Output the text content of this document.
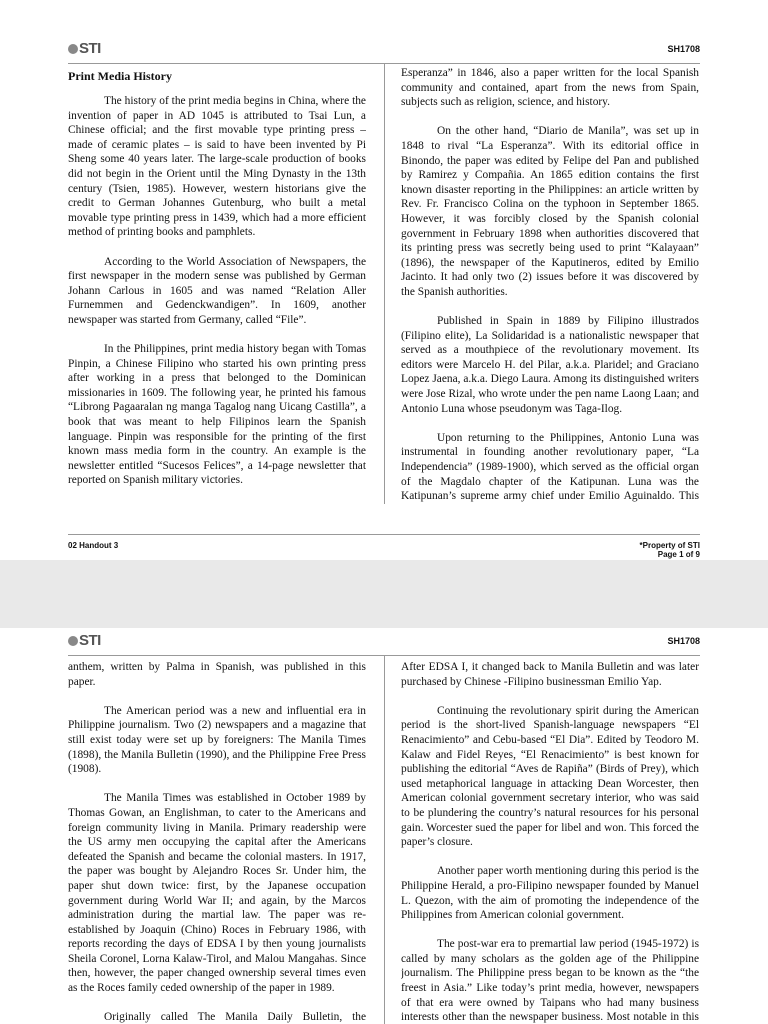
STI	SH1708
Print Media History

The history of the print media begins in China, where the invention of paper in AD 1045 is attributed to Tsai Lun, a Chinese official; and the first movable type printing press – made of ceramic plates – is said to have been invented by Pi Sheng some 40 years later. The large-scale production of books did not begin in the Orient until the Ming Dynasty in the 13th century (Tsien, 1985). However, western historians give the credit to German Johannes Gutenburg, who built a metal movable type printing press in 1439, which had a more efficient method of printing books and pamphlets.

According to the World Association of Newspapers, the first newspaper in the modern sense was published by German Johann Carlous in 1605 and was named “Relation Aller Furnemmen and Gedenckwandigen”. In 1609, another newspaper was started from Germany, called “File”.

In the Philippines, print media history began with Tomas Pinpin, a Chinese Filipino who started his own printing press after working in a press that belonged to the Dominican missionaries in 1609. The following year, he printed his famous “Librong Pagaaralan ng manga Tagalog nang Uicang Castilla”, a book that was meant to help Filipinos learn the Spanish language. Pinpin was responsible for the printing of the first known mass media form in the country. An example is the newsletter entitled “Sucesos Felices”, a 14-page newsletter that reported on Spanish military victories.

Esperanza” in 1846, also a paper written for the local Spanish community and contained, apart from the news from Spain, subjects such as religion, science, and history.

On the other hand, “Diario de Manila”, was set up in 1848 to rival “La Esperanza”. With its editorial office in Binondo, the paper was edited by Felipe del Pan and published by Ramirez y Compañia. An 1865 edition contains the first known disaster reporting in the Philippines: an article written by Rev. Fr. Francisco Colina on the typhoon in September 1865. However, it was forcibly closed by the Spanish colonial government in February 1898 when authorities discovered that its printing press was secretly being used to print “Kalayaan” (1896), the newspaper of the Kaputineros, edited by Emilio Jacinto. It had only two (2) issues before it was discovered by the Spanish authorities.

Published in Spain in 1889 by Filipino illustrados (Filipino elite), La Solidaridad is a nationalistic newspaper that served as a mouthpiece of the revolutionary movement. Its editors were Marcelo H. del Pilar, a.k.a. Plaridel; and Graciano Lopez Jaena, a.k.a. Diego Laura. Among its distinguished writers were Jose Rizal, who wrote under the pen name Laong Laan; and Antonio Luna whose pseudonym was Taga-Ilog.

Upon returning to the Philippines, Antonio Luna was instrumental in founding another revolutionary paper, “La Independencia” (1989-1900), which served as the official organ of the Magdalo chapter of the Katipunan. Luna was the Katipunan’s supreme army chief under Emilio Aguinaldo. This

02 Handout 3	*Property of STI
Page 1 of 9
STI	SH1708

anthem, written by Palma in Spanish, was published in this paper.

The American period was a new and influential era in Philippine journalism. Two (2) newspapers and a magazine that still exist today were set up by foreigners: The Manila Times (1898), the Manila Bulletin (1990), and the Philippine Free Press (1908).

The Manila Times was established in October 1989 by Thomas Gowan, an Englishman, to cater to the Americans and foreign community living in Manila. Primary readership were the US army men occupying the capital after the Americans defeated the Spanish and became the colonial masters. In 1917, the paper was bought by Alejandro Roces Sr. Under him, the paper shut down twice: first, by the Japanese occupation government during World War II; and again, by the Marcos administration during the martial law. The paper was re-established by Joaquin (Chino) Roces in February 1986, with reports recording the days of EDSA I by then young journalists Sheila Coronel, Lorna Kalaw-Tirol, and Malou Mangahas. Since then, however, the paper changed ownership several times even as the Roces family ceded ownership of the paper in 1989.

Originally called The Manila Daily Bulletin, the

After EDSA I, it changed back to Manila Bulletin and was later purchased by Chinese -Filipino businessman Emilio Yap.

Continuing the revolutionary spirit during the American period is the short-lived Spanish-language newspapers “El Renacimiento” and Cebu-based “El Dia”. Edited by Teodoro M. Kalaw and Fidel Reyes, “El Renacimiento” is best known for publishing the editorial “Aves de Rapiña” (Birds of Prey), which used metaphorical language in attacking Dean Worcester, then American colonial government secretary interior, who was said to be plundering the country’s natural resources for his personal gain. Worcester sued the paper for libel and won. This forced the paper’s closure.

Another paper worth mentioning during this period is the Philippine Herald, a pro-Filipino newspaper founded by Manuel L. Quezon, with the aim of promoting the independence of the Philippines from American colonial government.

The post-war era to premartial law period (1945-1972) is called by many scholars as the golden age of the Philippine journalism. The Philippine press began to be known as the “the freest in Asia.” Like today’s print media, however, newspapers of that era were owned by Taipans who had many business interests other than the newspaper business. Most notable in this
